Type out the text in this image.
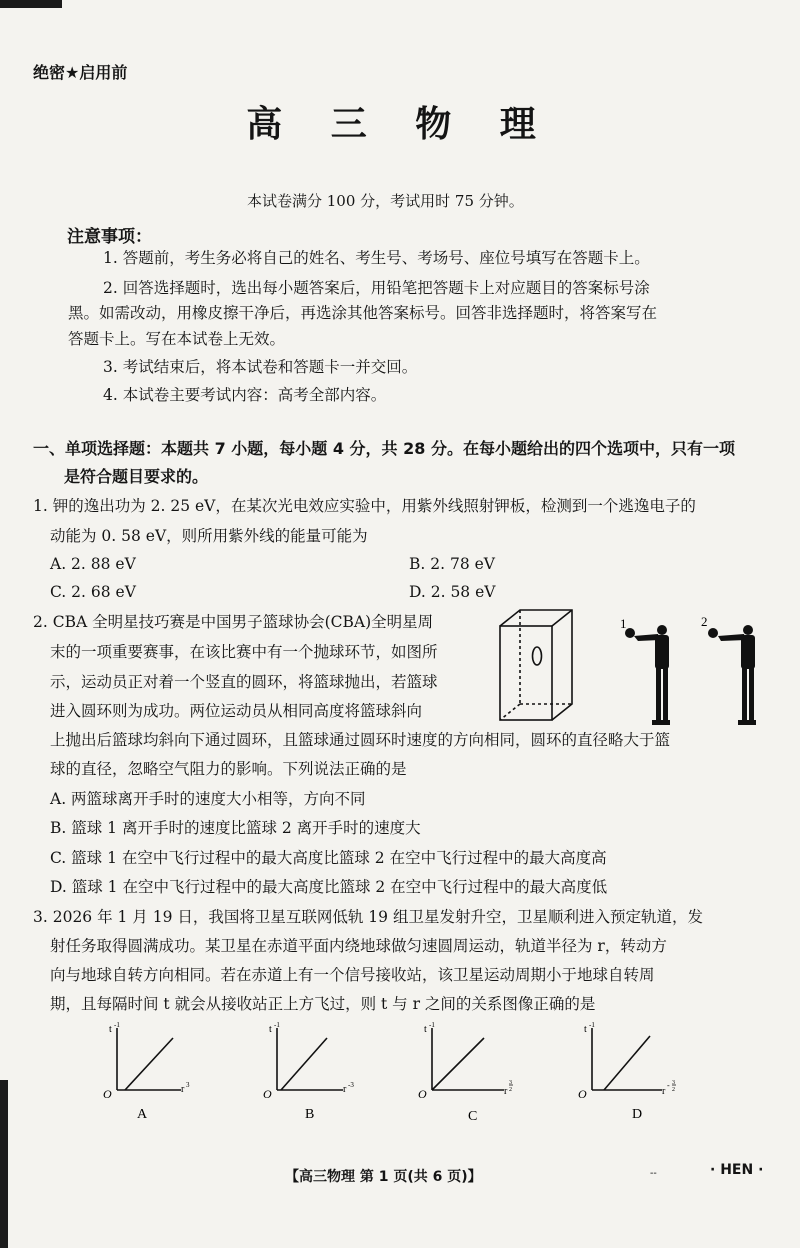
绝密★启用前
高 三 物 理
本试卷满分 100 分，考试用时 75 分钟。
注意事项：
1. 答题前，考生务必将自己的姓名、考生号、考场号、座位号填写在答题卡上。
2. 回答选择题时，选出每小题答案后，用铅笔把答题卡上对应题目的答案标号涂
黑。如需改动，用橡皮擦干净后，再选涂其他答案标号。回答非选择题时，将答案写在
答题卡上。写在本试卷上无效。
3. 考试结束后，将本试卷和答题卡一并交回。
4. 本试卷主要考试内容：高考全部内容。
一、单项选择题：本题共 7 小题，每小题 4 分，共 28 分。在每小题给出的四个选项中，只有一项
是符合题目要求的。
1. 钾的逸出功为 2. 25 eV，在某次光电效应实验中，用紫外线照射钾板，检测到一个逃逸电子的
动能为 0. 58 eV，则所用紫外线的能量可能为
A. 2. 88 eV	B. 2. 78 eV
C. 2. 68 eV	D. 2. 58 eV
2. CBA 全明星技巧赛是中国男子篮球协会(CBA)全明星周
末的一项重要赛事，在该比赛中有一个抛球环节，如图所
示，运动员正对着一个竖直的圆环，将篮球抛出，若篮球
进入圆环则为成功。两位运动员从相同高度将篮球斜向
上抛出后篮球均斜向下通过圆环，且篮球通过圆环时速度的方向相同，圆环的直径略大于篮
球的直径，忽略空气阻力的影响。下列说法正确的是
A. 两篮球离开手时的速度大小相等，方向不同
B. 篮球 1 离开手时的速度比篮球 2 离开手时的速度大
C. 篮球 1 在空中飞行过程中的最大高度比篮球 2 在空中飞行过程中的最大高度高
D. 篮球 1 在空中飞行过程中的最大高度比篮球 2 在空中飞行过程中的最大高度低
1	2
3. 2026 年 1 月 19 日，我国将卫星互联网低轨 19 组卫星发射升空，卫星顺利进入预定轨道，发
射任务取得圆满成功。某卫星在赤道平面内绕地球做匀速圆周运动，轨道半径为 r，转动方
向与地球自转方向相同。若在赤道上有一个信号接收站，该卫星运动周期小于地球自转周
期，且每隔时间 t 就会从接收站正上方飞过，则 t 与 r 之间的关系图像正确的是
t -1
O	r 3
A
t -1
O	r -3
B
t -1
O	r
3
2
C
t -1
O	r
- 3
2
D
【高三物理 第 1 页(共 6 页)】	--	· HEN ·
